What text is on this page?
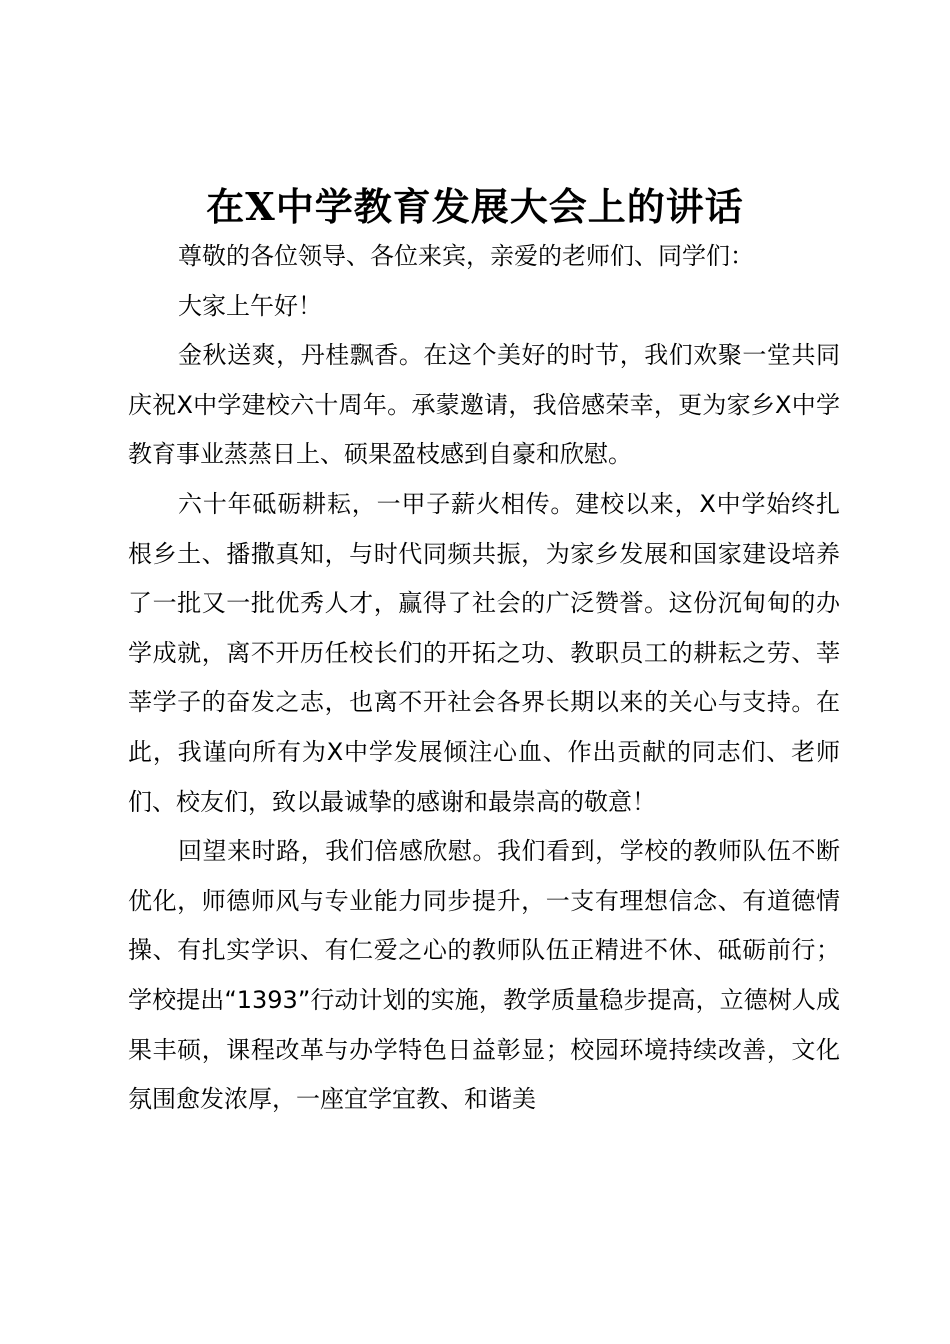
在X中学教育发展大会上的讲话

尊敬的各位领导、各位来宾，亲爱的老师们、同学们：

大家上午好！

金秋送爽，丹桂飘香。在这个美好的时节，我们欢聚一堂共同庆祝X中学建校六十周年。承蒙邀请，我倍感荣幸，更为家乡X中学教育事业蒸蒸日上、硕果盈枝感到自豪和欣慰。

六十年砥砺耕耘，一甲子薪火相传。建校以来，X中学始终扎根乡土、播撒真知，与时代同频共振，为家乡发展和国家建设培养了一批又一批优秀人才，赢得了社会的广泛赞誉。这份沉甸甸的办学成就，离不开历任校长们的开拓之功、教职员工的耕耘之劳、莘莘学子的奋发之志，也离不开社会各界长期以来的关心与支持。在此，我谨向所有为X中学发展倾注心血、作出贡献的同志们、老师们、校友们，致以最诚挚的感谢和最崇高的敬意！

回望来时路，我们倍感欣慰。我们看到，学校的教师队伍不断优化，师德师风与专业能力同步提升，一支有理想信念、有道德情操、有扎实学识、有仁爱之心的教师队伍正精进不休、砥砺前行；学校提出“1393”行动计划的实施，教学质量稳步提高，立德树人成果丰硕，课程改革与办学特色日益彰显；校园环境持续改善，文化氛围愈发浓厚，一座宜学宜教、和谐美
